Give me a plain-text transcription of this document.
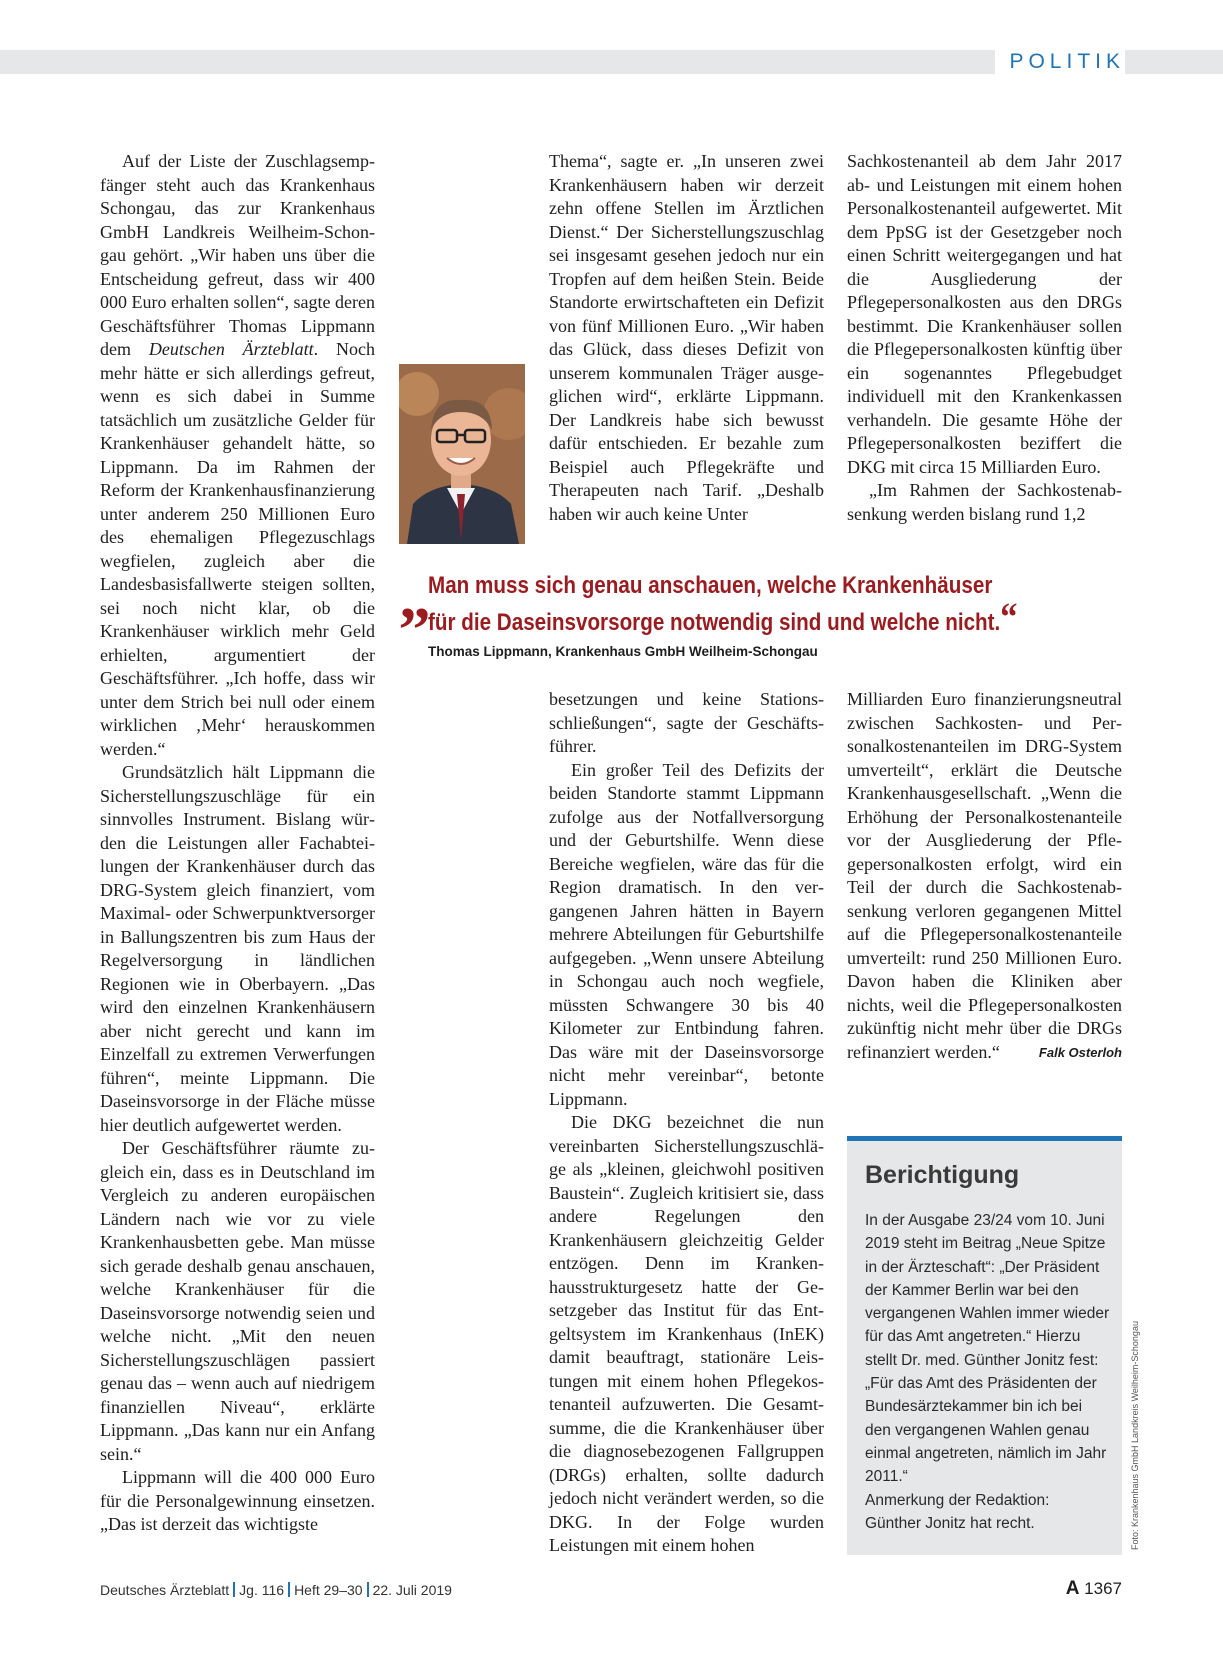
POLITIK

Auf der Liste der Zuschlagsempfänger steht auch das Krankenhaus Schongau, das zur Krankenhaus GmbH Landkreis Weilheim-Schongau gehört. „Wir haben uns über die Entscheidung gefreut, dass wir 400 000 Euro erhalten sollen“, sagte deren Geschäftsführer Thomas Lippmann dem Deutschen Ärzteblatt. Noch mehr hätte er sich allerdings gefreut, wenn es sich dabei in Summe tatsächlich um zusätzliche Gelder für Krankenhäuser gehandelt hätte, so Lippmann. Da im Rahmen der Reform der Krankenhausfinanzierung unter anderem 250 Millionen Euro des ehemaligen Pflegezuschlags wegfielen, zugleich aber die Landesbasisfallwerte steigen sollten, sei noch nicht klar, ob die Krankenhäuser wirklich mehr Geld erhielten, argumentiert der Geschäftsführer. „Ich hoffe, dass wir unter dem Strich bei null oder einem wirklichen ‚Mehr‘ herauskommen werden.“

Grundsätzlich hält Lippmann die Sicherstellungszuschläge für ein sinnvolles Instrument. Bislang würden die Leistungen aller Fachabteilungen der Krankenhäuser durch das DRG-System gleich finanziert, vom Maximal- oder Schwerpunktversorger in Ballungszentren bis zum Haus der Regelversorgung in ländlichen Regionen wie in Oberbayern. „Das wird den einzelnen Krankenhäusern aber nicht gerecht und kann im Einzelfall zu extremen Verwerfungen führen“, meinte Lippmann. Die Daseinsvorsorge in der Fläche müsse hier deutlich aufgewertet werden.

Der Geschäftsführer räumte zugleich ein, dass es in Deutschland im Vergleich zu anderen europäischen Ländern nach wie vor zu viele Krankenhausbetten gebe. Man müsse sich gerade deshalb genau anschauen, welche Krankenhäuser für die Daseinsvorsorge notwendig seien und welche nicht. „Mit den neuen Sicherstellungszuschlägen passiert genau das – wenn auch auf niedrigem finanziellen Niveau“, erklärte Lippmann. „Das kann nur ein Anfang sein.“

Lippmann will die 400 000 Euro für die Personalgewinnung einsetzen. „Das ist derzeit das wichtigste

Thema“, sagte er. „In unseren zwei Krankenhäusern haben wir derzeit zehn offene Stellen im Ärztlichen Dienst.“ Der Sicherstellungszuschlag sei insgesamt gesehen jedoch nur ein Tropfen auf dem heißen Stein. Beide Standorte erwirtschafteten ein Defizit von fünf Millionen Euro. „Wir haben das Glück, dass dieses Defizit von unserem kommunalen Träger ausgeglichen wird“, erklärte Lippmann. Der Landkreis habe sich bewusst dafür entschieden. Er bezahle zum Beispiel auch Pflegekräfte und Therapeuten nach Tarif. „Deshalb haben wir auch keine Unter

Sachkostenanteil ab dem Jahr 2017 ab- und Leistungen mit einem hohen Personalkostenanteil aufgewertet. Mit dem PpSG ist der Gesetzgeber noch einen Schritt weitergegangen und hat die Ausgliederung der Pflegepersonalkosten aus den DRGs bestimmt. Die Krankenhäuser sollen die Pflegepersonalkosten künftig über ein sogenanntes Pflegebudget individuell mit den Krankenkassen verhandeln. Die gesamte Höhe der Pflegepersonalkosten beziffert die DKG mit circa 15 Milliarden Euro.

„Im Rahmen der Sachkostenabsenkung werden bislang rund 1,2

„
Man muss sich genau anschauen, welche Krankenhäuser
für die Daseinsvorsorge notwendig sind und welche nicht.“
Thomas Lippmann, Krankenhaus GmbH Weilheim-Schongau

besetzungen und keine Stationsschließungen“, sagte der Geschäftsführer.

Ein großer Teil des Defizits der beiden Standorte stammt Lippmann zufolge aus der Notfallversorgung und der Geburtshilfe. Wenn diese Bereiche wegfielen, wäre das für die Region dramatisch. In den vergangenen Jahren hätten in Bayern mehrere Abteilungen für Geburtshilfe aufgegeben. „Wenn unsere Abteilung in Schongau auch noch wegfiele, müssten Schwangere 30 bis 40 Kilometer zur Entbindung fahren. Das wäre mit der Daseinsvorsorge nicht mehr vereinbar“, betonte Lippmann.

Die DKG bezeichnet die nun vereinbarten Sicherstellungszuschläge als „kleinen, gleichwohl positiven Baustein“. Zugleich kritisiert sie, dass andere Regelungen den Krankenhäusern gleichzeitig Gelder entzögen. Denn im Krankenhausstrukturgesetz hatte der Gesetzgeber das Institut für das Entgeltsystem im Krankenhaus (InEK) damit beauftragt, stationäre Leistungen mit einem hohen Pflegekostenanteil aufzuwerten. Die Gesamtsumme, die die Krankenhäuser über die diagnosebezogenen Fallgruppen (DRGs) erhalten, sollte dadurch jedoch nicht verändert werden, so die DKG. In der Folge wurden Leistungen mit einem hohen

Milliarden Euro finanzierungsneutral zwischen Sachkosten- und Personalkostenanteilen im DRG-System umverteilt“, erklärt die Deutsche Krankenhausgesellschaft. „Wenn die Erhöhung der Personalkostenanteile vor der Ausgliederung der Pflegepersonalkosten erfolgt, wird ein Teil der durch die Sachkostenabsenkung verloren gegangenen Mittel auf die Pflegepersonalkostenanteile umverteilt: rund 250 Millionen Euro. Davon haben die Kliniken aber nichts, weil die Pflegepersonalkosten zukünftig nicht mehr über die DRGs refinanziert werden.“	Falk Osterloh

Berichtigung

In der Ausgabe 23/24 vom 10. Juni 2019 steht im Beitrag „Neue Spitze in der Ärzteschaft“: „Der Präsident der Kammer Berlin war bei den vergangenen Wahlen immer wieder für das Amt angetreten.“ Hierzu stellt Dr. med. Günther Jonitz fest: „Für das Amt des Präsidenten der Bundesärztekammer bin ich bei den vergangenen Wahlen genau einmal angetreten, nämlich im Jahr 2011.“

Anmerkung der Redaktion:

Günther Jonitz hat recht.	Foto: Krankenhaus GmbH Landkreis Weilheim-Schongau
Deutsches Ärzteblatt Jg. 116 Heft 29–30 22. Juli 2019	A 1367
